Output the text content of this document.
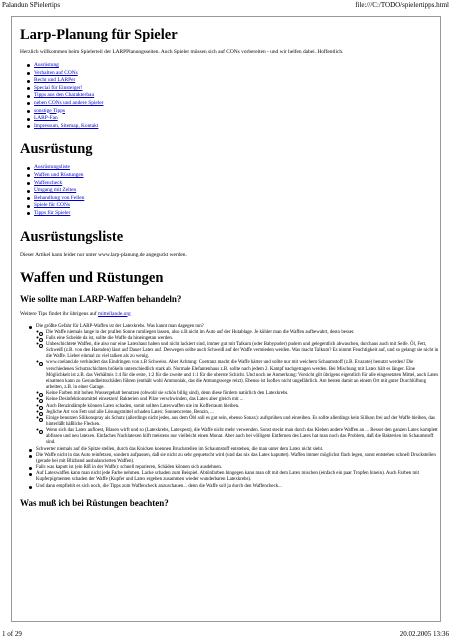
Palandun SPielertips	file:///C:/TODO/spielertipps.html
Larp-Planung für Spieler
Herzlich willkommen beim Spielerteil der LARPPlanungsseiten. Auch Spieler müssen sich auf CONs vorbereiten - und wir helfen dabei. Hoffentlich.
Ausrüstung
Verhalten auf CONs
Recht und LARPer
Special für Einsteiger!
Tipps aus den Charakterbau
neben CONs und andere Spieler
sonstige Tipps
LARP-Fan
Impressum, Sitemap, Kontakt
Ausrüstung
Ausrüstungsliste
Waffen und Rüstungen
Waffencheck
Umgang mit Zelten
Behandlung von Fellen
Spiele für CONs
Tipps für Spieler
Ausrüstungsliste
Dieser Artikel kann leider nur unter www.larp-planung.de angeguckt werden.
Waffen und Rüstungen
Wie sollte man LARP-Waffen behandeln?
Weitere Tips findet ihr übrigens auf mittellande.org
Die größte Gefahr für LARP-Waffen ist der Latexkrebs. Was kannt man dagegen tun?
◦ Die Waffe niemals lange in der prallen Sonne rumliegen lassen, also z.B.nicht im Auto auf der Hutablage. Je kühler man die Waffen aufbewahrt, desto besser.
◦ Falls eine Scheide da ist, sollte die Waffe da hineingetan werden.
◦ Unbeschichtete Waffen, die also nur eine Latexhaut haben und nicht lackiert sind, immer gut mit Talkum (oder Babypuder) pudern und gelegentlich abwaschen, durchaus auch mit Seife. Öl, Fett, Schweiß (z.B. von den Haenden) lässt auf Dauer Latex auf. Deswegen sollte auch Schweiß auf der Waffe vermieden werden. Was macht Talkum? Es nimmt Feuchtigkeit auf, und so gelangt sie nicht in die Waffe. Lieber einmal zu viel talken als zu wenig.
◦ www.coeland.de verhindert das Eindringen von z.B Schweiss. Aber Achtung: Coetranz macht die Waffe härter und sollte nur mit weichem Schaumstoff (z.B. Evazote) benutzt werden! Die verschiedenen Schutzschichten brökeln unterschiedlich stark ab. Normale Elefantenhaus z.B. sollte nach jedem 2. Kampf nachgetragen werden. Bei Mischung mit Latex hält es länger. Eine Möglichkeit ist z.B. das Verhältnis 1:4 für die erste, 1:2 für die zweite und 1:1 für die oberste Schicht. Und noch ne Anmerkung: Vorsicht gilt übrigens eigentlich für alle eingesetzten Mittel, auch Latex einatmen kann zu Gesundheitsschäden führen (enthält wohl Ammoniak, das die Atmungswege reizt). Ebenso ist Isoflex nicht ungefährlich. Am besten damit an einem Ort mit guter Durchlüftung arbeiten, z.B. in einer Garage.
◦ Keine Farben mit hohen Wassergehalt benutzen (obwohl sie schön billig sind), denn diese fördern natürlich den Latexkrebs.
◦ Keine Desinfektionsmittel einsetzen! Bakterien und Pilze verschwinden, das Latex aber gleich mit ...
◦ Auch Benzindämpfe können Latex schaden, somit sollten Latexwaffen nie im Kofferraum bleiben.
◦ Jegliche Art von Fett und alle Lösungsmittel schaden Latex: Sonnencreme, Benzin, ...
◦ Einige benutzen Silikonspray als Schutz (allerdings nicht jedes, aus dem Öbl soll es gut sein, ebenso Sonax): aufsprühen und einreiben. Es sollte allerdings kein Silikon frei auf der Waffe bleiben, das hinterläßt häßliche Flecken.
◦ Wenn sich das Latex aufloest, Blasen wirft und so (Latexkrebs, Latexpest), die Waffe nicht mehr verwenden. Sonst steckt man durch das Kleben andere Waffen an ... Besser den ganzen Latex komplett abfissen und neu latexen. Einfaches Nachlatexen hilft meistens nur vielleicht einen Monat. Aber auch bei völligem Entfernen des Latex hat man noch das Problem, daß die Bakterien im Schaumstoff sind.
Schwerter niemals auf die Spitze stellen, durch das Knicken koennen Bruchstellen im Schaumstoff entstehen, die man unter dem Latex nicht sieht.
Die Waffe nicht in das Auto reinfetzen, sondern aufpassen, daß sie nicht zu sehr gequetscht wird (und das nix das Latex kaputtet). Waffen immer möglichst flach legen, sonst entstehen schnell Druckstellen (gerade bei mit Blizband ausbalancierten Waffen).
Falls was kaputt ist (ein Riß in der Waffe): schnell reparieren, Schäden können sich ausdehnen.
Auf Latexwaffen kann man nicht jede Farbe nehmen. Lacke schaden zum Beispiel. Abtönfarben hingegen kann man oft mit dem Latex mischen (einfach ein paar Tropfen hinein). Auch Farben mit Kupferpigmenten schaden der Waffe (Kupfer und Latex ergeben zusammen wieder wunderbaren Latexkrebs).
Und dann empfiehlt es sich noch, die Tipps zum Waffencheck anzuschauen... denn die Waffe soll ja durch den Waffencheck...
Was muß ich bei Rüstungen beachten?
1 of 29	20.02.2005 13:36
